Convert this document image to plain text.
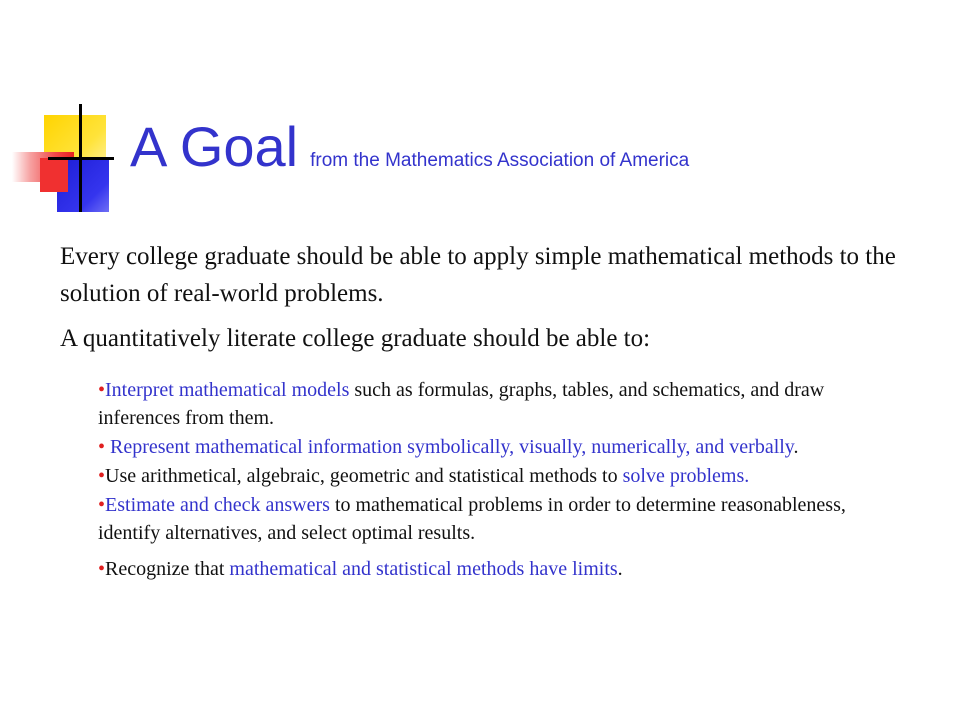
A Goal from the Mathematics Association of America

Every college graduate should be able to apply simple mathematical methods to the solution of real-world problems.

A quantitatively literate college graduate should be able to:

•Interpret mathematical models such as formulas, graphs, tables, and schematics, and draw inferences from them.

• Represent mathematical information symbolically, visually, numerically, and verbally.

•Use arithmetical, algebraic, geometric and statistical methods to solve problems.

•Estimate and check answers to mathematical problems in order to determine reasonableness, identify alternatives, and select optimal results.

•Recognize that mathematical and statistical methods have limits.
